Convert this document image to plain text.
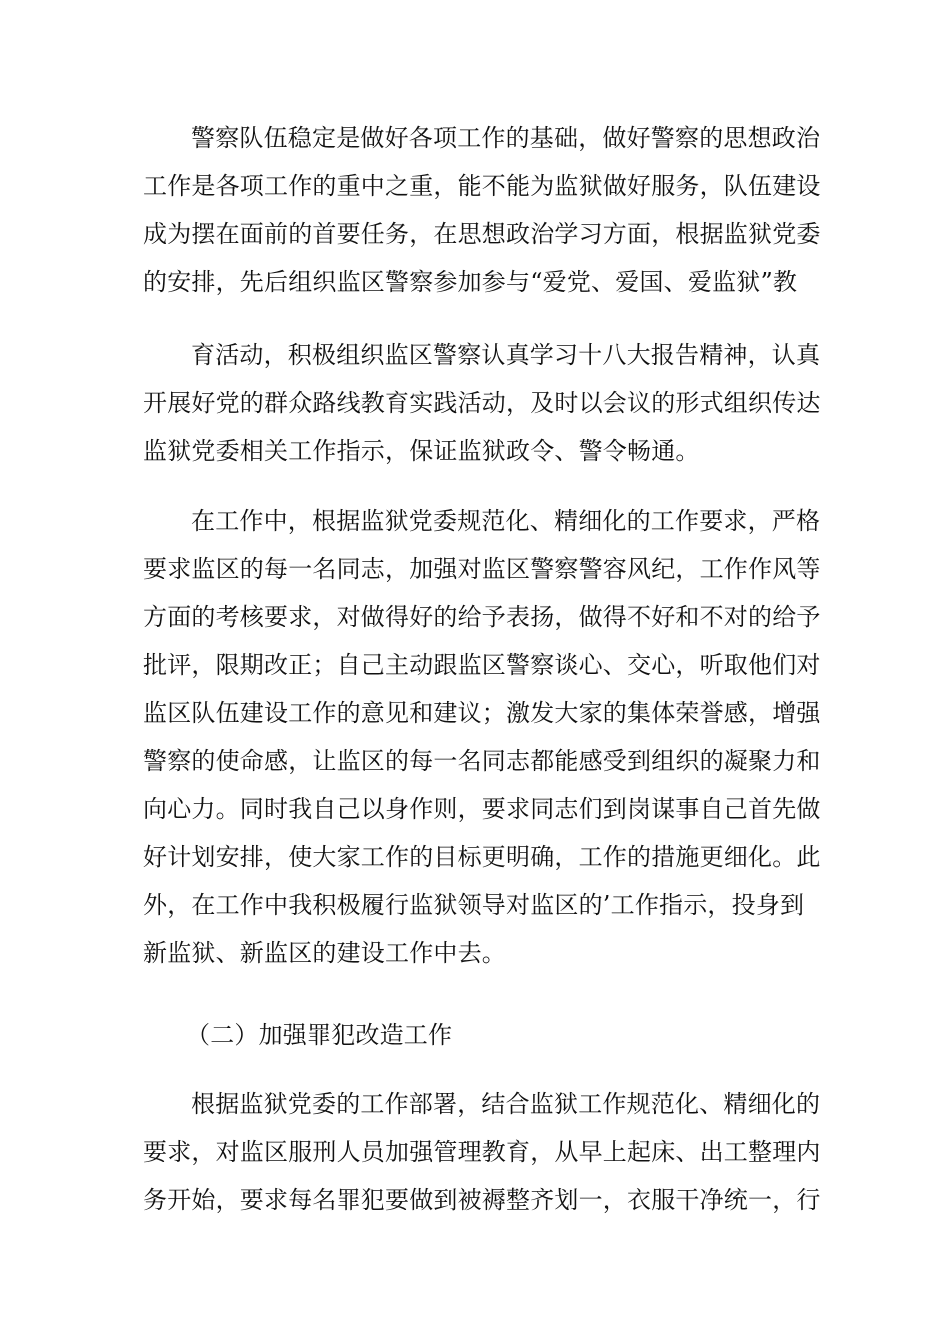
警察队伍稳定是做好各项工作的基础，做好警察的思想政治
工作是各项工作的重中之重，能不能为监狱做好服务，队伍建设
成为摆在面前的首要任务，在思想政治学习方面，根据监狱党委
的安排，先后组织监区警察参加参与“爱党、爱国、爱监狱”教
育活动，积极组织监区警察认真学习十八大报告精神，认真
开展好党的群众路线教育实践活动，及时以会议的形式组织传达
监狱党委相关工作指示，保证监狱政令、警令畅通。
在工作中，根据监狱党委规范化、精细化的工作要求，严格
要求监区的每一名同志，加强对监区警察警容风纪，工作作风等
方面的考核要求，对做得好的给予表扬，做得不好和不对的给予
批评，限期改正；自己主动跟监区警察谈心、交心，听取他们对
监区队伍建设工作的意见和建议；激发大家的集体荣誉感，增强
警察的使命感，让监区的每一名同志都能感受到组织的凝聚力和
向心力。同时我自己以身作则，要求同志们到岗谋事自己首先做
好计划安排，使大家工作的目标更明确，工作的措施更细化。此
外，在工作中我积极履行监狱领导对监区的’工作指示，投身到
新监狱、新监区的建设工作中去。

（二）加强罪犯改造工作

根据监狱党委的工作部署，结合监狱工作规范化、精细化的
要求，对监区服刑人员加强管理教育，从早上起床、出工整理内
务开始，要求每名罪犯要做到被褥整齐划一，衣服干净统一，行
